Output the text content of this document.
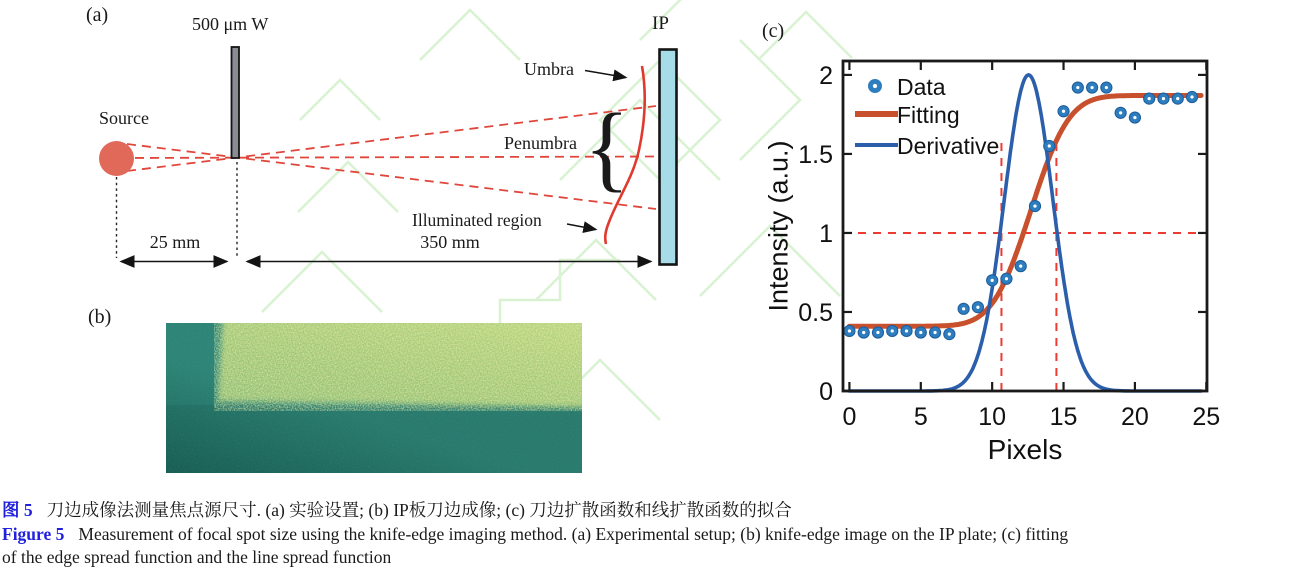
(a)	500 μm W
Source
IP
Umbra
Penumbra {
Illuminated region
25 mm	350 mm
(b)
(c)
0 5 10 15 20 25
0
0.5
1
1.5
2	Data
Fitting
Derivative
Intensity (a.u.)
Pixels
图 5 刀边成像法测量焦点源尺寸. (a) 实验设置; (b) IP板刀边成像; (c) 刀边扩散函数和线扩散函数的拟合
Figure 5 Measurement of focal spot size using the knife-edge imaging method. (a) Experimental setup; (b) knife-edge image on the IP plate; (c) fitting
of the edge spread function and the line spread function
